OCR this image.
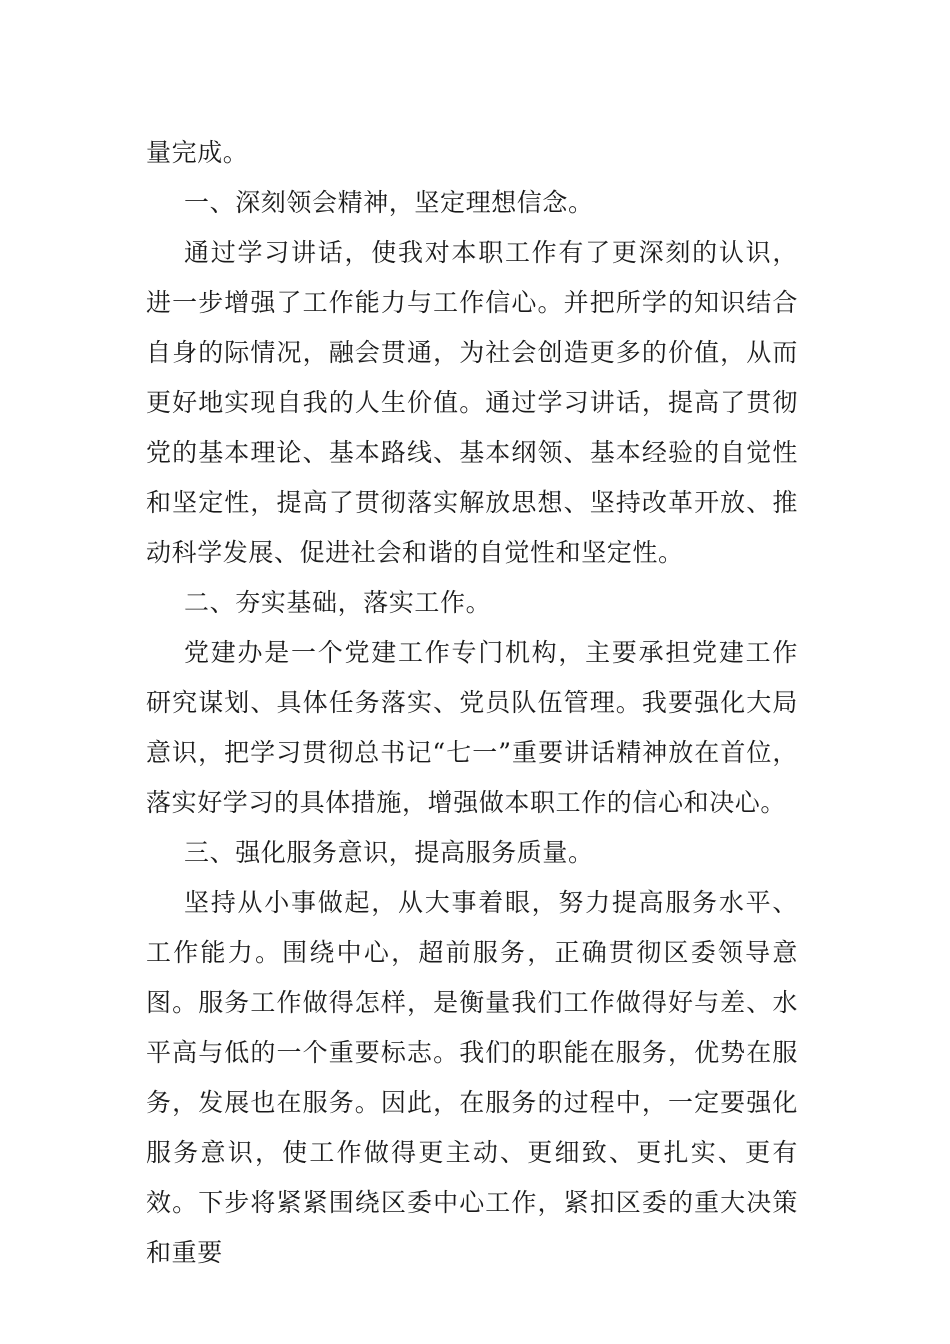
量完成。

一、深刻领会精神，坚定理想信念。

通过学习讲话，使我对本职工作有了更深刻的认识，进一步增强了工作能力与工作信心。并把所学的知识结合自身的际情况，融会贯通，为社会创造更多的价值，从而更好地实现自我的人生价值。通过学习讲话，提高了贯彻党的基本理论、基本路线、基本纲领、基本经验的自觉性和坚定性，提高了贯彻落实解放思想、坚持改革开放、推动科学发展、促进社会和谐的自觉性和坚定性。

二、夯实基础，落实工作。

党建办是一个党建工作专门机构，主要承担党建工作研究谋划、具体任务落实、党员队伍管理。我要强化大局意识，把学习贯彻总书记“七一”重要讲话精神放在首位，落实好学习的具体措施，增强做本职工作的信心和决心。

三、强化服务意识，提高服务质量。

坚持从小事做起，从大事着眼，努力提高服务水平、工作能力。围绕中心，超前服务，正确贯彻区委领导意图。服务工作做得怎样，是衡量我们工作做得好与差、水平高与低的一个重要标志。我们的职能在服务，优势在服务，发展也在服务。因此，在服务的过程中，一定要强化服务意识，使工作做得更主动、更细致、更扎实、更有效。下步将紧紧围绕区委中心工作，紧扣区委的重大决策和重要
